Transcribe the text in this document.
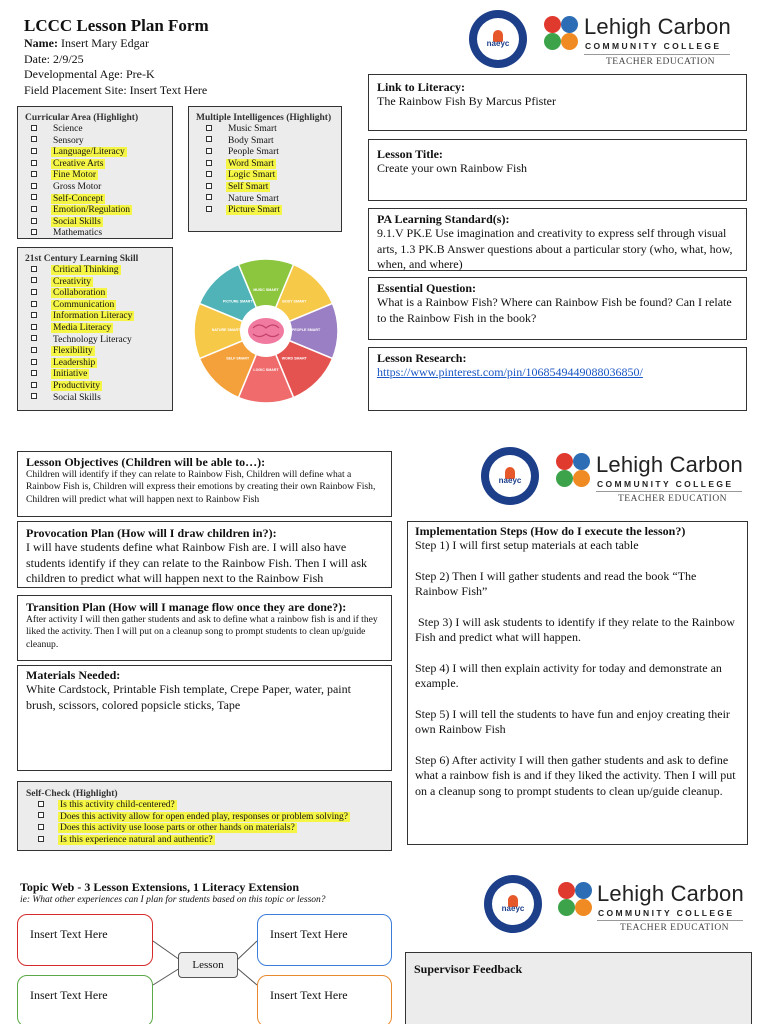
LCCC Lesson Plan Form
Name: Insert Mary Edgar
Date: 2/9/25
Developmental Age: Pre-K
Field Placement Site: Insert Text Here
naeyc
Lehigh Carbon
COMMUNITY COLLEGE
TEACHER EDUCATION
Curricular Area (Highlight)
Science
Sensory
Language/Literacy
Creative Arts
Fine Motor
Gross Motor
Self-Concept
Emotion/Regulation
Social Skills
Mathematics
Multiple Intelligences (Highlight)
Music Smart
Body Smart
People Smart
Word Smart
Logic Smart
Self Smart
Nature Smart
Picture Smart
21st Century Learning Skill
Critical Thinking
Creativity
Collaboration
Communication
Information Literacy
Media Literacy
Technology Literacy
Flexibility
Leadership
Initiative
Productivity
Social Skills
MUSIC SMART
BODY SMART
PEOPLE SMART
WORD SMART
LOGIC SMART
SELF SMART
NATURE SMART
PICTURE SMART
Link to Literacy:
The Rainbow Fish By Marcus Pfister
Lesson Title:
Create your own Rainbow Fish
PA Learning Standard(s):
9.1.V PK.E Use imagination and creativity to express self through visual arts, 1.3 PK.B Answer questions about a particular story (who, what, how, when, and where)
Essential Question:
What is a Rainbow Fish? Where can Rainbow Fish be found? Can I relate to the Rainbow Fish in the book?
Lesson Research:
https://www.pinterest.com/pin/1068549449088036850/
Lesson Objectives (Children will be able to…):
Children will identify if they can relate to Rainbow Fish, Children will define what a Rainbow Fish is, Children will express their emotions by creating their own Rainbow Fish, Children will predict what will happen next to Rainbow Fish
naeyc
Lehigh Carbon
COMMUNITY COLLEGE
TEACHER EDUCATION
Provocation Plan (How will I draw children in?):
I will have students define what Rainbow Fish are. I will also have students identify if they can relate to the Rainbow Fish. Then I will ask children to predict what will happen next to the Rainbow Fish
Transition Plan (How will I manage flow once they are done?):
After activity I will then gather students and ask to define what a rainbow fish is and if they liked the activity. Then I will put on a cleanup song to prompt students to clean up/guide cleanup.
Materials Needed:
White Cardstock, Printable Fish template, Crepe Paper, water, paint brush, scissors, colored popsicle sticks, Tape
Implementation Steps (How do I execute the lesson?)
Step 1) I will first setup materials at each table
Step 2) Then I will gather students and read the book “The Rainbow Fish”
Step 3) I will ask students to identify if they relate to the Rainbow Fish and predict what will happen.
Step 4) I will then explain activity for today and demonstrate an example.
Step 5) I will tell the students to have fun and enjoy creating their own Rainbow Fish
Step 6) After activity I will then gather students and ask to define what a rainbow fish is and if they liked the activity. Then I will put on a cleanup song to prompt students to clean up/guide cleanup.
Self-Check (Highlight)
Is this activity child-centered?
Does this activity allow for open ended play, responses or problem solving?
Does this activity use loose parts or other hands on materials?
Is this experience natural and authentic?
Topic Web - 3 Lesson Extensions, 1 Literacy Extension
ie: What other experiences can I plan for students based on this topic or lesson?
Insert Text Here	Insert Text Here
Insert Text Here	Insert Text Here
Lesson
naeyc
Lehigh Carbon
COMMUNITY COLLEGE
TEACHER EDUCATION
Supervisor Feedback
